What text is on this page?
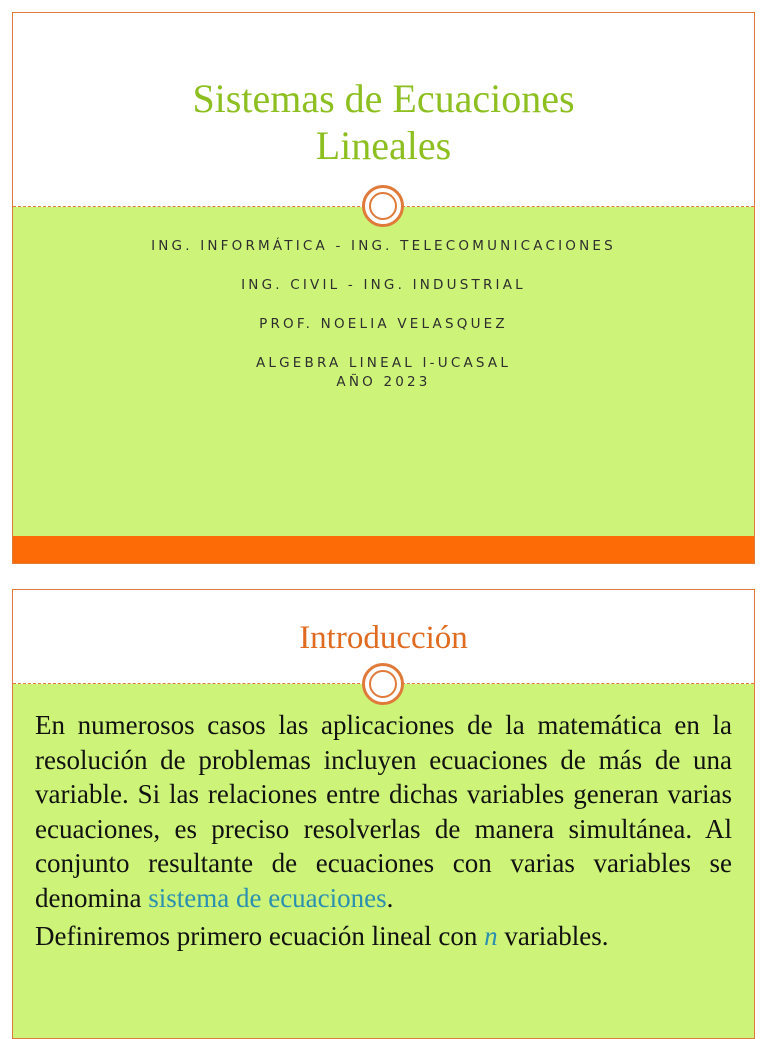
Sistemas de Ecuaciones
Lineales

ING. INFORMÁTICA - ING. TELECOMUNICACIONES

ING. CIVIL - ING. INDUSTRIAL

PROF. NOELIA VELASQUEZ

ALGEBRA LINEAL I-UCASAL

AÑO 2023

Introducción

En numerosos casos las aplicaciones de la matemática en la resolución de problemas incluyen ecuaciones de más de una variable. Si las relaciones entre dichas variables generan varias ecuaciones, es preciso resolverlas de manera simultánea. Al conjunto resultante de ecuaciones con varias variables se denomina sistema de ecuaciones.

Definiremos primero ecuación lineal con n variables.
